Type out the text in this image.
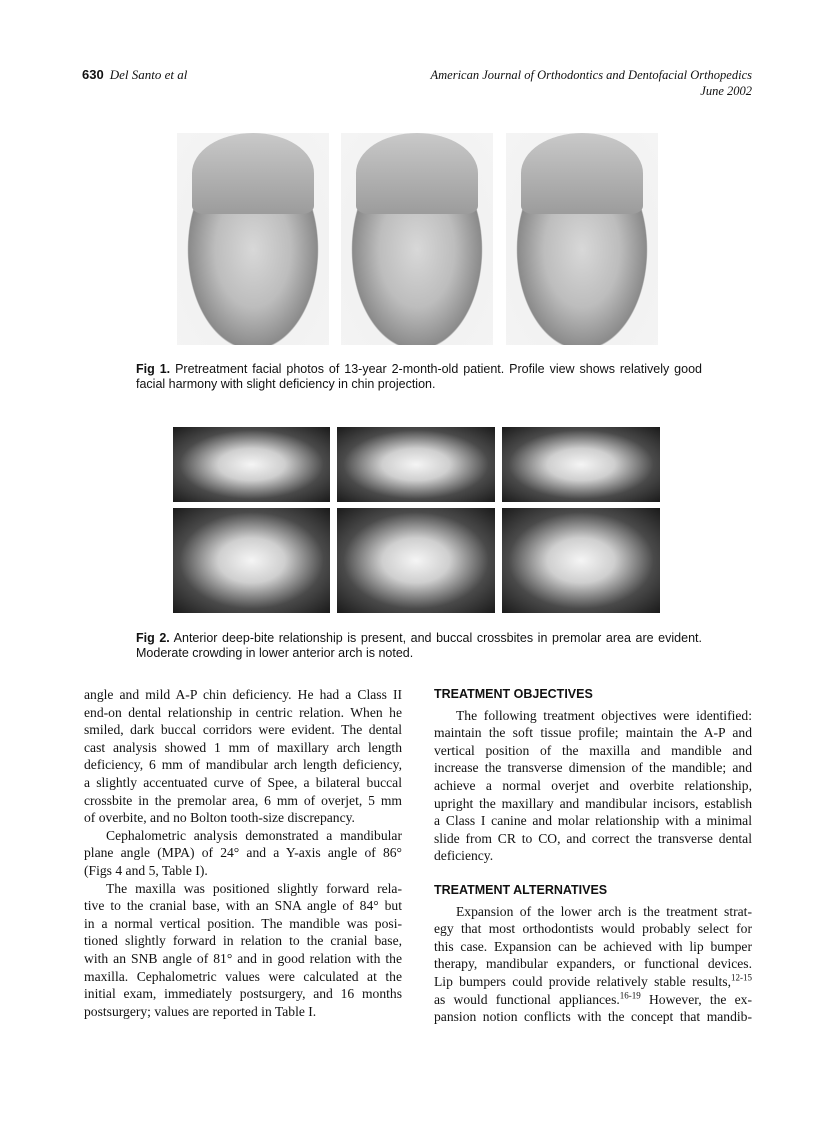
630 Del Santo et al	American Journal of Orthodontics and Dentofacial Orthopedics
June 2002
Fig 1. Pretreatment facial photos of 13-year 2-month-old patient. Profile view shows relatively good facial harmony with slight deficiency in chin projection.
Fig 2. Anterior deep-bite relationship is present, and buccal crossbites in premolar area are evident. Moderate crowding in lower anterior arch is noted.
angle and mild A-P chin deficiency. He had a Class II
end-on dental relationship in centric relation. When he
smiled, dark buccal corridors were evident. The dental
cast analysis showed 1 mm of maxillary arch length
deficiency, 6 mm of mandibular arch length deficiency,
a slightly accentuated curve of Spee, a bilateral buccal
crossbite in the premolar area, 6 mm of overjet, 5 mm
of overbite, and no Bolton tooth-size discrepancy.
Cephalometric analysis demonstrated a mandibular
plane angle (MPA) of 24° and a Y-axis angle of 86°
(Figs 4 and 5, Table I).
The maxilla was positioned slightly forward rela-
tive to the cranial base, with an SNA angle of 84° but
in a normal vertical position. The mandible was posi-
tioned slightly forward in relation to the cranial base,
with an SNB angle of 81° and in good relation with the
maxilla. Cephalometric values were calculated at the
initial exam, immediately postsurgery, and 16 months
postsurgery; values are reported in Table I.
TREATMENT OBJECTIVES
The following treatment objectives were identified:
maintain the soft tissue profile; maintain the A-P and
vertical position of the maxilla and mandible and
increase the transverse dimension of the mandible; and
achieve a normal overjet and overbite relationship,
upright the maxillary and mandibular incisors, establish
a Class I canine and molar relationship with a minimal
slide from CR to CO, and correct the transverse dental
deficiency.
TREATMENT ALTERNATIVES
Expansion of the lower arch is the treatment strat-
egy that most orthodontists would probably select for
this case. Expansion can be achieved with lip bumper
therapy, mandibular expanders, or functional devices.
Lip bumpers could provide relatively stable results,$^{12-15}$
as would functional appliances.$^{16-19}$ However, the ex-
pansion notion conflicts with the concept that mandib-
